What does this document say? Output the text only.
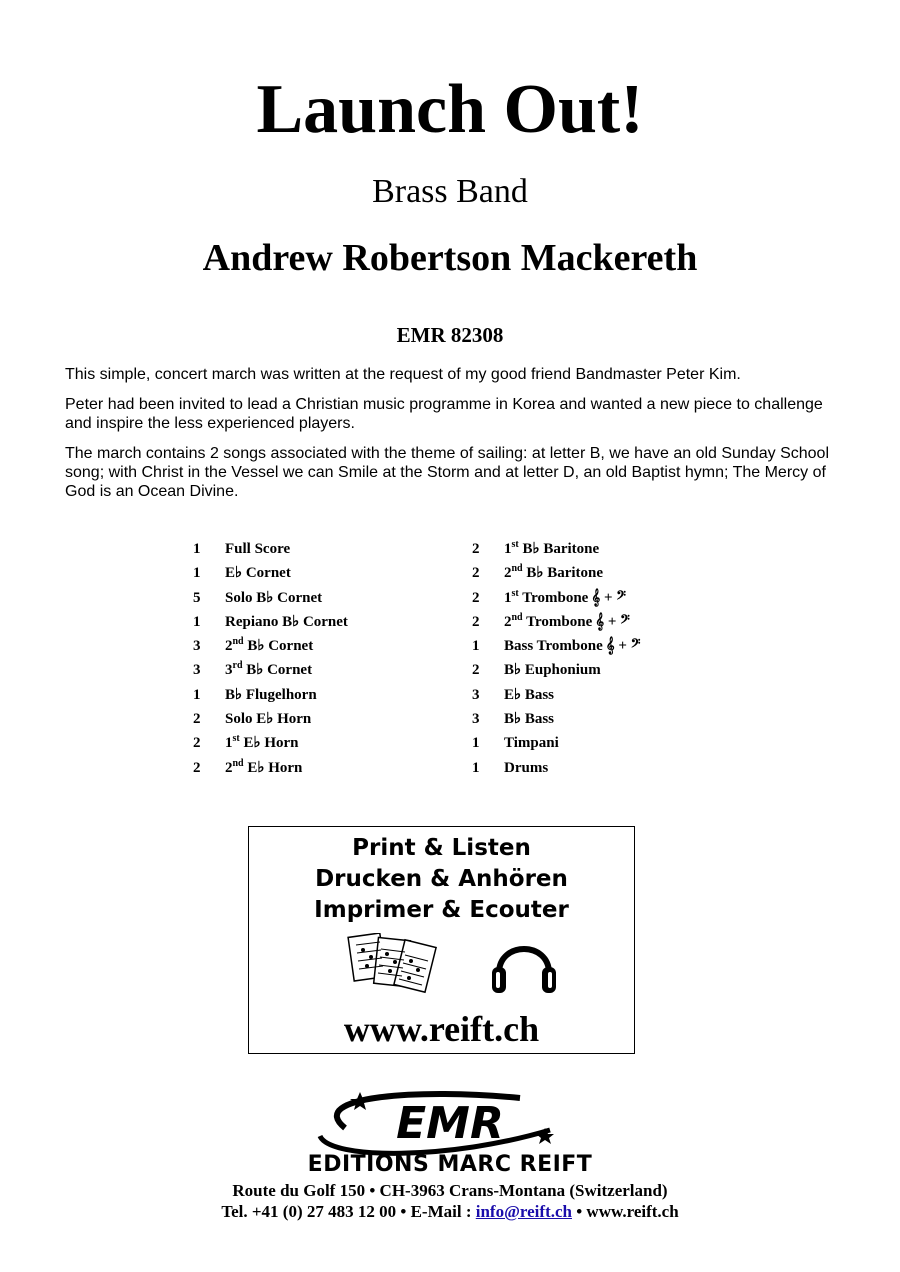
Launch Out!
Brass Band
Andrew Robertson Mackereth
EMR 82308
This simple, concert march was written at the request of my good friend Bandmaster Peter Kim.
Peter had been invited to lead a Christian music programme in Korea and wanted a new piece to challenge and inspire the less experienced players.
The march contains 2 songs associated with the theme of sailing: at letter B, we have an old Sunday School song; with Christ in the Vessel we can Smile at the Storm and at letter D, an old Baptist hymn; The Mercy of God is an Ocean Divine.
1	Full Score
1	E♭ Cornet
5	Solo B♭ Cornet
1	Repiano B♭ Cornet
3	2nd B♭ Cornet
3	3rd B♭ Cornet
1	B♭ Flugelhorn
2	Solo E♭ Horn
2	1st E♭ Horn
2	2nd E♭ Horn
2	1st B♭ Baritone
2	2nd B♭ Baritone
2	1st Trombone 𝄞 + 𝄢
2	2nd Trombone 𝄞 + 𝄢
1	Bass Trombone 𝄞 + 𝄢
2	B♭ Euphonium
3	E♭ Bass
3	B♭ Bass
1	Timpani
1	Drums
Print & Listen
Drucken & Anhören
Imprimer & Ecouter
www.reift.ch
EMR
EDITIONS MARC REIFT
Route du Golf 150 • CH-3963 Crans-Montana (Switzerland)
Tel. +41 (0) 27 483 12 00 • E-Mail : info@reift.ch • www.reift.ch
